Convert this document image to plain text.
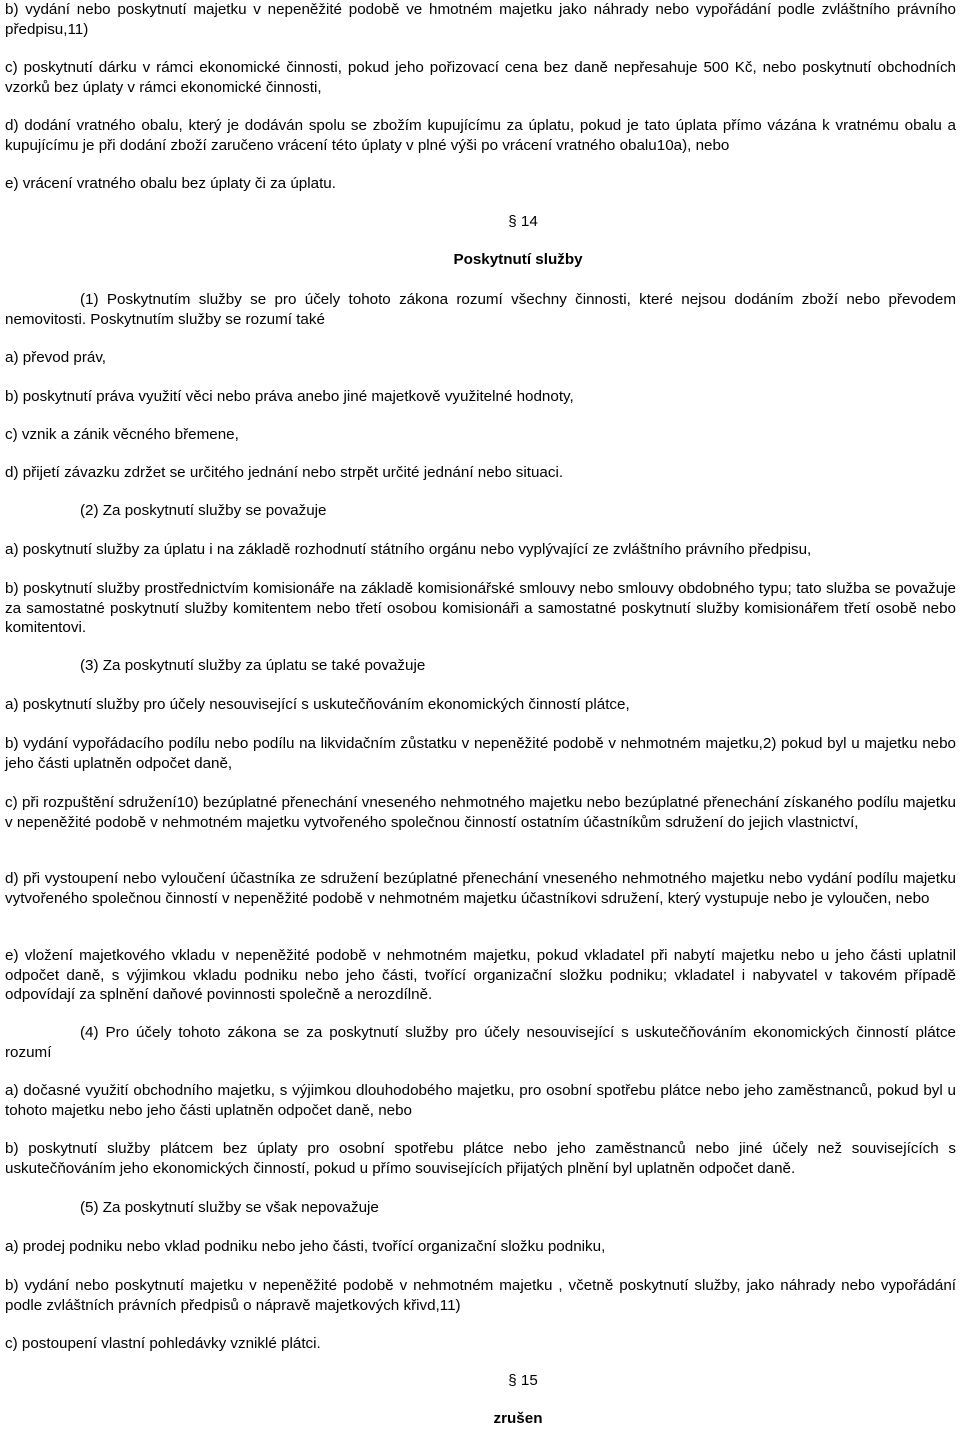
b) vydání nebo poskytnutí majetku v nepeněžité podobě ve hmotném majetku jako náhrady nebo vypořádání podle zvláštního právního předpisu,11)

c) poskytnutí dárku v rámci ekonomické činnosti, pokud jeho pořizovací cena bez daně nepřesahuje 500 Kč, nebo poskytnutí obchodních vzorků bez úplaty v rámci ekonomické činnosti,

d) dodání vratného obalu, který je dodáván spolu se zbožím kupujícímu za úplatu, pokud je tato úplata přímo vázána k vratnému obalu a kupujícímu je při dodání zboží zaručeno vrácení této úplaty v plné výši po vrácení vratného obalu10a), nebo

e) vrácení vratného obalu bez úplaty či za úplatu.

§ 14

Poskytnutí služby

(1) Poskytnutím služby se pro účely tohoto zákona rozumí všechny činnosti, které nejsou dodáním zboží nebo převodem nemovitosti. Poskytnutím služby se rozumí také

a) převod práv,

b) poskytnutí práva využití věci nebo práva anebo jiné majetkově využitelné hodnoty,

c) vznik a zánik věcného břemene,

d) přijetí závazku zdržet se určitého jednání nebo strpět určité jednání nebo situaci.

(2) Za poskytnutí služby se považuje

a) poskytnutí služby za úplatu i na základě rozhodnutí státního orgánu nebo vyplývající ze zvláštního právního předpisu,

b) poskytnutí služby prostřednictvím komisionáře na základě komisionářské smlouvy nebo smlouvy obdobného typu; tato služba se považuje za samostatné poskytnutí služby komitentem nebo třetí osobou komisionáři a samostatné poskytnutí služby komisionářem třetí osobě nebo komitentovi.

(3) Za poskytnutí služby za úplatu se také považuje

a) poskytnutí služby pro účely nesouvisející s uskutečňováním ekonomických činností plátce,

b) vydání vypořádacího podílu nebo podílu na likvidačním zůstatku v nepeněžité podobě v nehmotném majetku,2) pokud byl u majetku nebo jeho části uplatněn odpočet daně,

c) při rozpuštění sdružení10) bezúplatné přenechání vneseného nehmotného majetku nebo bezúplatné přenechání získaného podílu majetku v nepeněžité podobě v nehmotném majetku vytvořeného společnou činností ostatním účastníkům sdružení do jejich vlastnictví,

d) při vystoupení nebo vyloučení účastníka ze sdružení bezúplatné přenechání vneseného nehmotného majetku nebo vydání podílu majetku vytvořeného společnou činností v nepeněžité podobě v nehmotném majetku účastníkovi sdružení, který vystupuje nebo je vyloučen, nebo

e) vložení majetkového vkladu v nepeněžité podobě v nehmotném majetku, pokud vkladatel při nabytí majetku nebo u jeho části uplatnil odpočet daně, s výjimkou vkladu podniku nebo jeho části, tvořící organizační složku podniku; vkladatel i nabyvatel v takovém případě odpovídají za splnění daňové povinnosti společně a nerozdílně.

(4) Pro účely tohoto zákona se za poskytnutí služby pro účely nesouvisející s uskutečňováním ekonomických činností plátce rozumí

a) dočasné využití obchodního majetku, s výjimkou dlouhodobého majetku, pro osobní spotřebu plátce nebo jeho zaměstnanců, pokud byl u tohoto majetku nebo jeho části uplatněn odpočet daně, nebo

b) poskytnutí služby plátcem bez úplaty pro osobní spotřebu plátce nebo jeho zaměstnanců nebo jiné účely než souvisejících s uskutečňováním jeho ekonomických činností, pokud u přímo souvisejících přijatých plnění byl uplatněn odpočet daně.

(5) Za poskytnutí služby se však nepovažuje

a) prodej podniku nebo vklad podniku nebo jeho části, tvořící organizační složku podniku,

b) vydání nebo poskytnutí majetku v nepeněžité podobě v nehmotném majetku , včetně poskytnutí služby, jako náhrady nebo vypořádání podle zvláštních právních předpisů o nápravě majetkových křivd,11)

c) postoupení vlastní pohledávky vzniklé plátci.

§ 15

zrušen
